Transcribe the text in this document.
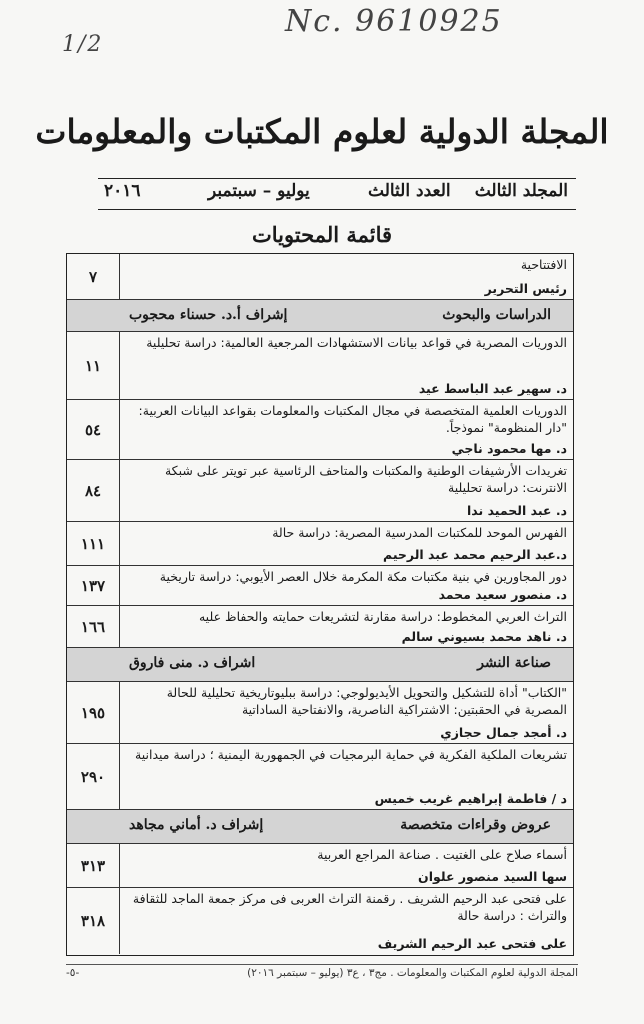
Nc. 9610925
1/2
المجلة الدولية لعلوم المكتبات والمعلومات
المجلد الثالث
العدد الثالث
يوليو – سبتمبر
٢٠١٦
قائمة المحتويات
٧
الافتتاحية
رئيس التحرير
الدراسات والبحوث
إشراف أ.د. حسناء محجوب
١١
الدوريات المصرية في قواعد بيانات الاستشهادات المرجعية العالمية: دراسة تحليلية
د. سهير عبد الباسط عيد
٥٤
الدوريات العلمية المتخصصة في مجال المكتبات والمعلومات بقواعد البيانات العربية: "دار المنظومة" نموذجاً.
د. مها محمود ناجي
٨٤
تغريدات الأرشيفات الوطنية والمكتبات والمتاحف الرئاسية عبر تويتر على شبكة الانترنت: دراسة تحليلية
د. عبد الحميد ندا
١١١
الفهرس الموحد للمكتبات المدرسية المصرية: دراسة حالة
د.عبد الرحيم محمد عبد الرحيم
١٣٧	دور المجاورين في بنية مكتبات مكة المكرمة خلال العصر الأيوبي: دراسة تاريخية
د. منصور سعيد محمد
١٦٦
التراث العربي المخطوط: دراسة مقارنة لتشريعات حمايته والحفاظ عليه
د. ناهد محمد بسيوني سالم
صناعة النشر
اشراف د. منى فاروق
١٩٥
"الكتاب" أداة للتشكيل والتحويل الأيديولوجي: دراسة ببليوتاريخية تحليلية للحالة المصرية في الحقبتين: الاشتراكية الناصرية، والانفتاحية الساداتية
د. أمجد جمال حجازي
٢٩٠
تشريعات الملكية الفكرية في حماية البرمجيات في الجمهورية اليمنية ؛ دراسة ميدانية
د / فاطمة إبراهيم غريب خميس
عروض وقراءات متخصصة
إشراف د. أماني مجاهد
٣١٣
أسماء صلاح على الغتيت . صناعة المراجع العربية
سها السيد منصور علوان
٣١٨
على فتحى عبد الرحيم الشريف . رقمنة التراث العربى فى مركز جمعة الماجد للثقافة والتراث : دراسة حالة
على فتحى عبد الرحيم الشريف
-٥-	المجلة الدولية لعلوم المكتبات والمعلومات . مج٣ ، ع٣ (يوليو – سبتمبر ٢٠١٦)
